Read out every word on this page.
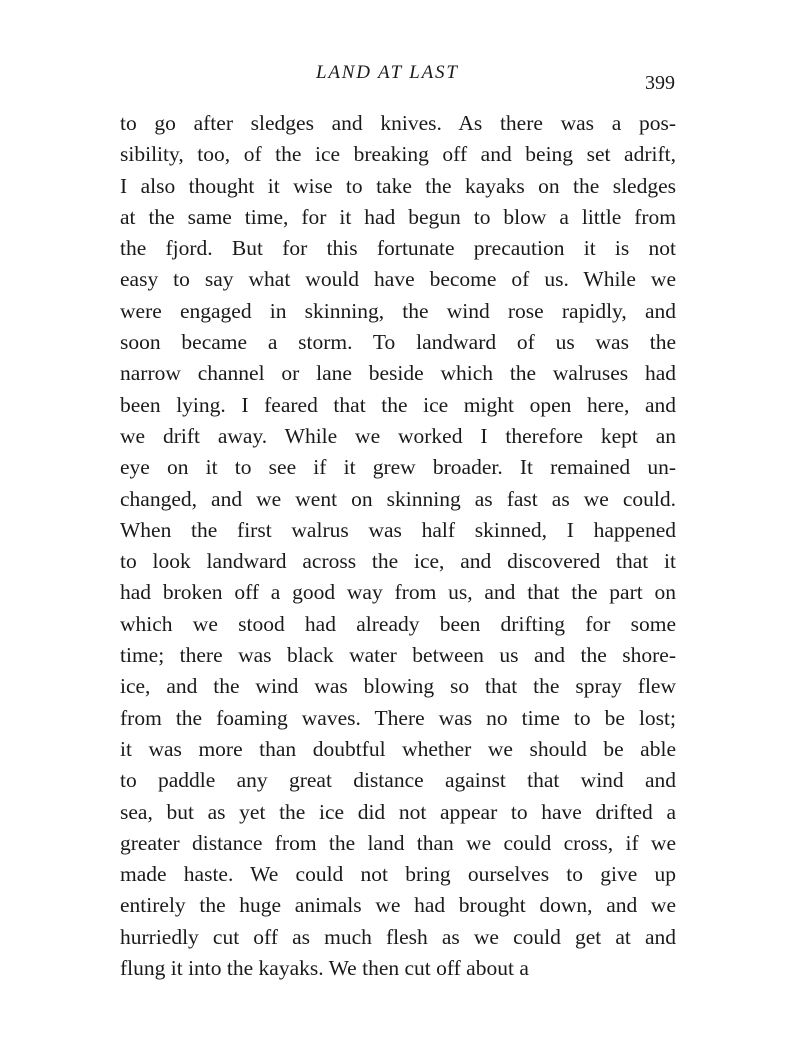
LAND AT LAST	399
to go after sledges and knives. As there was a pos-
sibility, too, of the ice breaking off and being set adrift,
I also thought it wise to take the kayaks on the sledges
at the same time, for it had begun to blow a little from
the fjord. But for this fortunate precaution it is not
easy to say what would have become of us. While we
were engaged in skinning, the wind rose rapidly, and
soon became a storm. To landward of us was the
narrow channel or lane beside which the walruses had
been lying. I feared that the ice might open here, and
we drift away. While we worked I therefore kept an
eye on it to see if it grew broader. It remained un-
changed, and we went on skinning as fast as we could.
When the first walrus was half skinned, I happened
to look landward across the ice, and discovered that it
had broken off a good way from us, and that the part on
which we stood had already been drifting for some
time; there was black water between us and the shore-
ice, and the wind was blowing so that the spray flew
from the foaming waves. There was no time to be lost;
it was more than doubtful whether we should be able
to paddle any great distance against that wind and
sea, but as yet the ice did not appear to have drifted a
greater distance from the land than we could cross, if we
made haste. We could not bring ourselves to give up
entirely the huge animals we had brought down, and we
hurriedly cut off as much flesh as we could get at and
flung it into the kayaks. We then cut off about a
